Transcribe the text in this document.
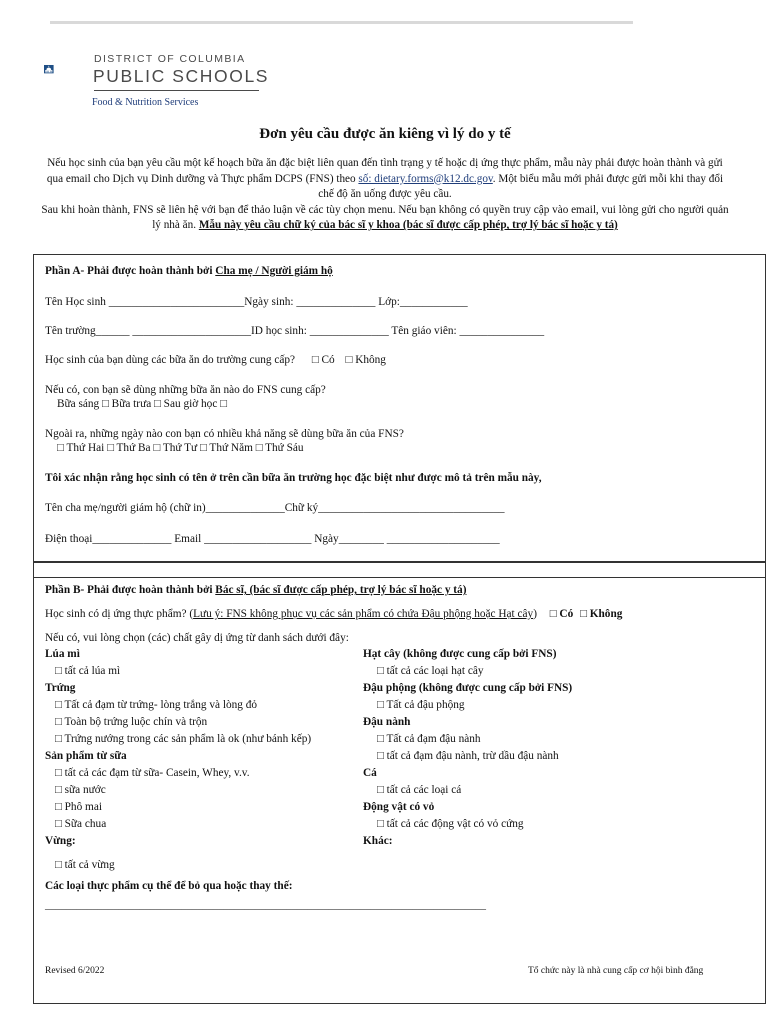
DISTRICT OF COLUMBIA
PUBLIC SCHOOLS
Food & Nutrition Services
Đơn yêu cầu được ăn kiêng vì lý do y tế
Nếu học sinh của bạn yêu cầu một kế hoạch bữa ăn đặc biệt liên quan đến tình trạng y tế hoặc dị ứng thực phẩm, mẫu này phải được hoàn thành và gửi qua email cho Dịch vụ Dinh dưỡng và Thực phẩm DCPS (FNS) theo số: dietary.forms@k12.dc.gov. Một biểu mẫu mới phải được gửi mỗi khi thay đổi chế độ ăn uống được yêu cầu.
Sau khi hoàn thành, FNS sẽ liên hệ với bạn để thảo luận về các tùy chọn menu. Nếu bạn không có quyền truy cập vào email, vui lòng gửi cho người quản lý nhà ăn. Mẫu này yêu cầu chữ ký của bác sĩ y khoa (bác sĩ được cấp phép, trợ lý bác sĩ hoặc y tá)
Phần A- Phải được hoàn thành bởi Cha mẹ / Người giám hộ
Tên Học sinh ________________________Ngày sinh: ______________ Lớp:____________
Tên trường______ _____________________ID học sinh: ______________ Tên giáo viên: _______________
Học sinh của bạn dùng các bữa ăn do trường cung cấp? □ Có □ Không
Nếu có, con bạn sẽ dùng những bữa ăn nào do FNS cung cấp?
Bữa sáng □ Bữa trưa □ Sau giờ học □
Ngoài ra, những ngày nào con bạn có nhiều khả năng sẽ dùng bữa ăn của FNS?
□ Thứ Hai □ Thứ Ba □ Thứ Tư □ Thứ Năm □ Thứ Sáu
Tôi xác nhận rằng học sinh có tên ở trên cần bữa ăn trường học đặc biệt như được mô tả trên mẫu này,
Tên cha mẹ/người giám hộ (chữ in)______________Chữ ký_________________________________
Điện thoại______________ Email ___________________ Ngày________ ____________________
Phần B- Phải được hoàn thành bởi Bác sĩ, (bác sĩ được cấp phép, trợ lý bác sĩ hoặc y tá)
Học sinh có dị ứng thực phẩm? (Lưu ý: FNS không phục vụ các sản phẩm có chứa Đậu phộng hoặc Hạt cây) □ Có □ Không
Nếu có, vui lòng chọn (các) chất gây dị ứng từ danh sách dưới đây:
Lúa mì
□ tất cả lúa mì
Trứng
□ Tất cả đạm từ trứng- lòng trắng và lòng đỏ
□ Toàn bộ trứng luộc chín và trộn
□ Trứng nướng trong các sản phẩm là ok (như bánh kếp)
Sản phẩm từ sữa
□ tất cả các đạm từ sữa- Casein, Whey, v.v.
□ sữa nước
□ Phô mai
□ Sữa chua
Vừng:
Hạt cây (không được cung cấp bởi FNS)
□ tất cả các loại hạt cây
Đậu phộng (không được cung cấp bởi FNS)
□ Tất cả đậu phộng
Đậu nành
□ Tất cả đạm đậu nành
□ tất cả đạm đậu nành, trừ dầu đậu nành
Cá
□ tất cả các loại cá
Động vật có vỏ
□ tất cả các động vật có vỏ cứng
Khác:
□ tất cả vừng
Các loại thực phẩm cụ thể để bỏ qua hoặc thay thế:
____________________________________________________________________________________
Revised 6/2022	Tổ chức này là nhà cung cấp cơ hội bình đẳng
